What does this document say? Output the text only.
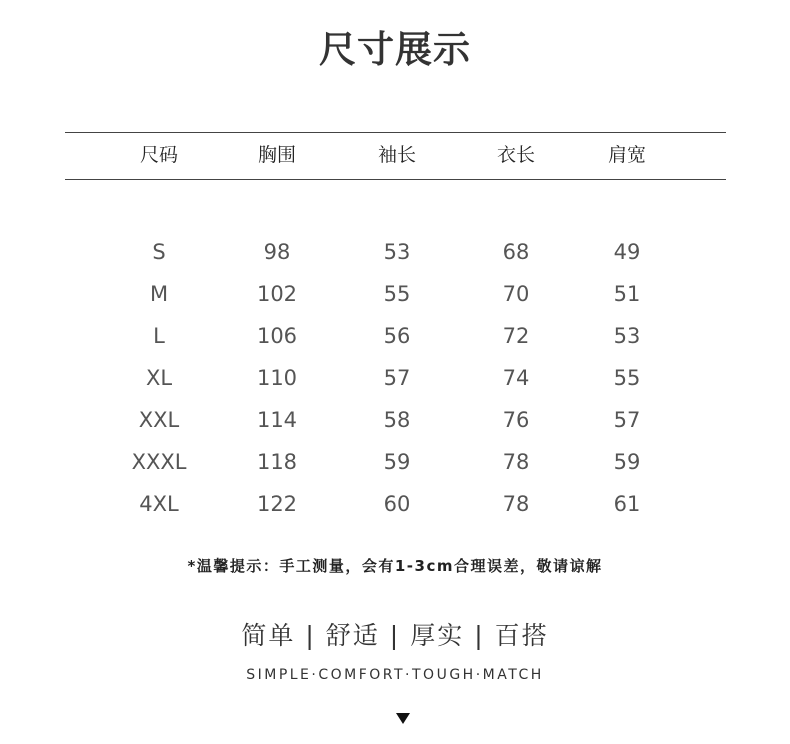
尺寸展示
尺码	胸围	袖长	衣长	肩宽
S	98	53	68	49
M	102	55	70	51
L	106	56	72	53
XL	110	57	74	55
XXL	114	58	76	57
XXXL	118	59	78	59
4XL	122	60	78	61
*温馨提示：手工测量，会有1-3cm合理误差，敬请谅解
简单 | 舒适 | 厚实 | 百搭
SIMPLE·COMFORT·TOUGH·MATCH
